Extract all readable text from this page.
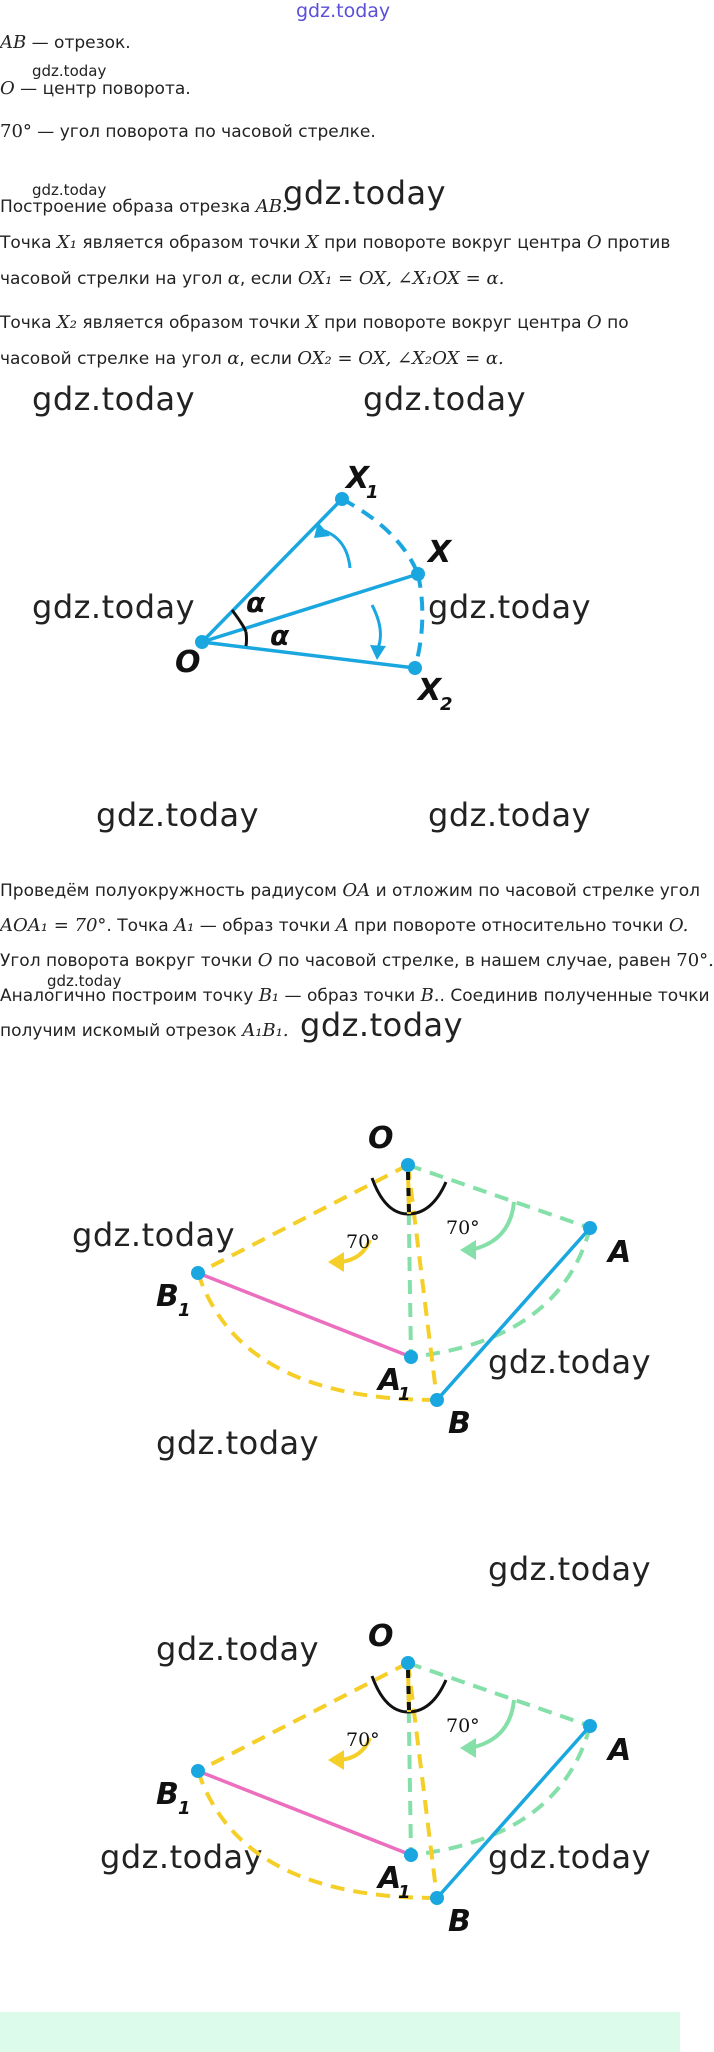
gdz.today
gdz.today
gdz.today	gdz.today
gdz.today	gdz.today
gdz.today	gdz.today
gdz.today	gdz.today
gdz.today
gdz.today
gdz.today
gdz.today
gdz.today
gdz.today
gdz.today
gdz.today	gdz.today
AB — отрезок.
O — центр поворота.
70° — угол поворота по часовой стрелке.
Построение образа отрезка AB.
Точка X₁ является образом точки X при повороте вокруг центра O против
часовой стрелки на угол α, если OX₁ = OX, ∠X₁OX = α.
Точка X₂ является образом точки X при повороте вокруг центра O по
часовой стрелке на угол α, если OX₂ = OX, ∠X₂OX = α.
X
1
X
X
2
O
α
α
Проведём полуокружность радиусом OA и отложим по часовой стрелке угол
AOA₁ = 70°. Точка A₁ — образ точки A при повороте относительно точки O.
Угол поворота вокруг точки O по часовой стрелке, в нашем случае, равен 70°.
Аналогично построим точку B₁ — образ точки B.. Соединив полученные точки
получим искомый отрезок A₁B₁.
O
A
B
A
1
B 1
70°
70°
O
A
B
A
1
B 1
70°
70°
